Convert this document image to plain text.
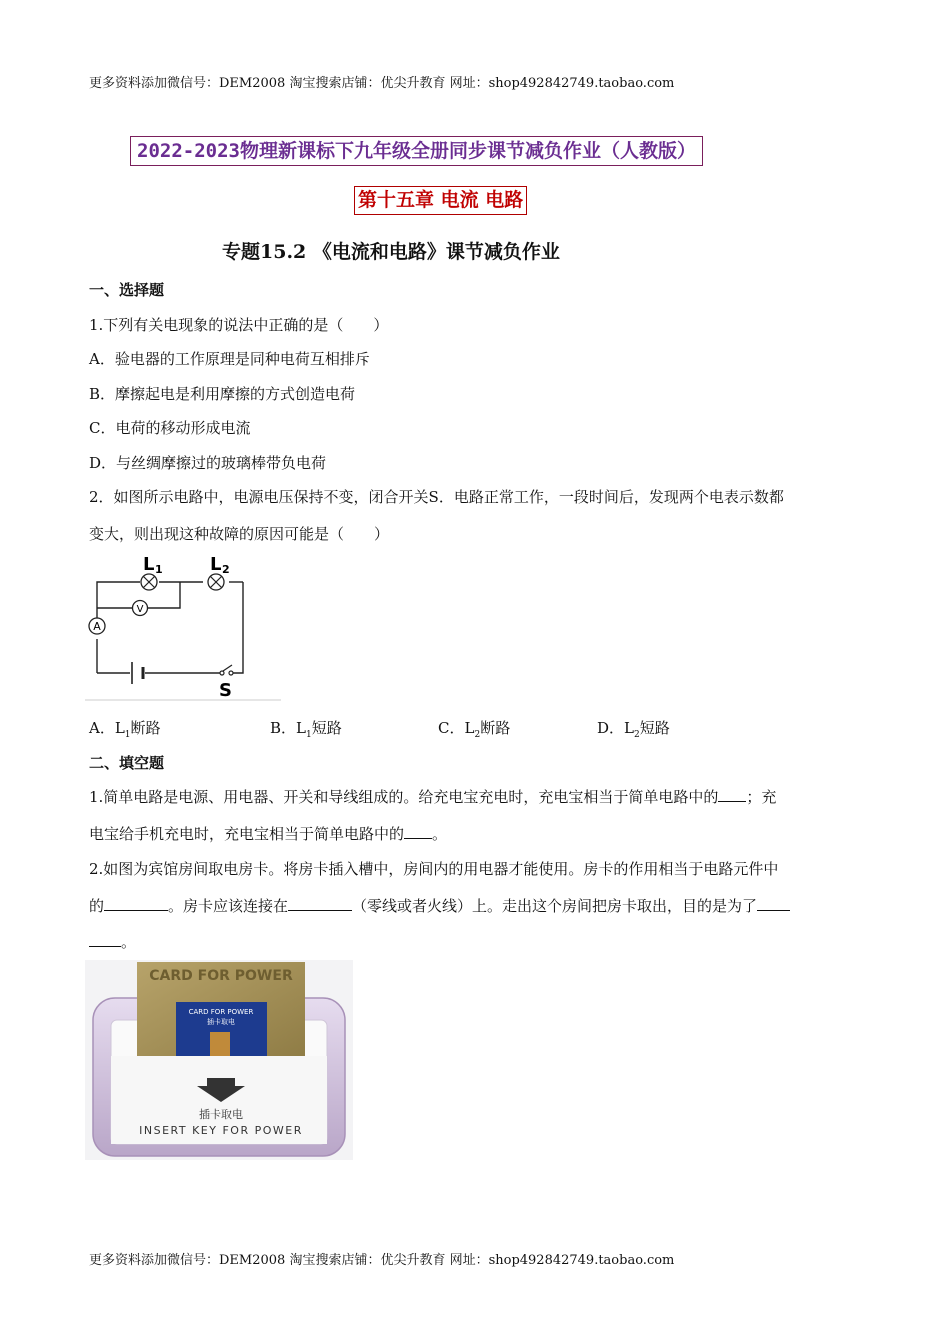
更多资料添加微信号：DEM2008 淘宝搜索店铺：优尖升教育 网址：shop492842749.taobao.com
2022-2023物理新课标下九年级全册同步课节减负作业（人教版）
第十五章 电流 电路
专题15.2 《电流和电路》课节减负作业
一、选择题
1.下列有关电现象的说法中正确的是（　　）
A．验电器的工作原理是同种电荷互相排斥
B．摩擦起电是利用摩擦的方式创造电荷
C．电荷的移动形成电流
D．与丝绸摩擦过的玻璃棒带负电荷
2．如图所示电路中，电源电压保持不变，闭合开关S．电路正常工作，一段时间后，发现两个电表示数都
变大，则出现这种故障的原因可能是（　　）
A
V
L 1	L 2
S
A．$L_1$断路	B．$L_1$短路	C．$L_2$断路	D．$L_2$短路
二、填空题
1.简单电路是电源、用电器、开关和导线组成的。给充电宝充电时，充电宝相当于简单电路中的 ；充
电宝给手机充电时，充电宝相当于简单电路中的 。
2.如图为宾馆房间取电房卡。将房卡插入槽中，房间内的用电器才能使用。房卡的作用相当于电路元件中
的	。房卡应该连接在	（零线或者火线）上。走出这个房间把房卡取出，目的是为了
。
CARD FOR POWER
CARD FOR POWER
插卡取电
插卡取电
INSERT KEY FOR POWER
更多资料添加微信号：DEM2008 淘宝搜索店铺：优尖升教育 网址：shop492842749.taobao.com
